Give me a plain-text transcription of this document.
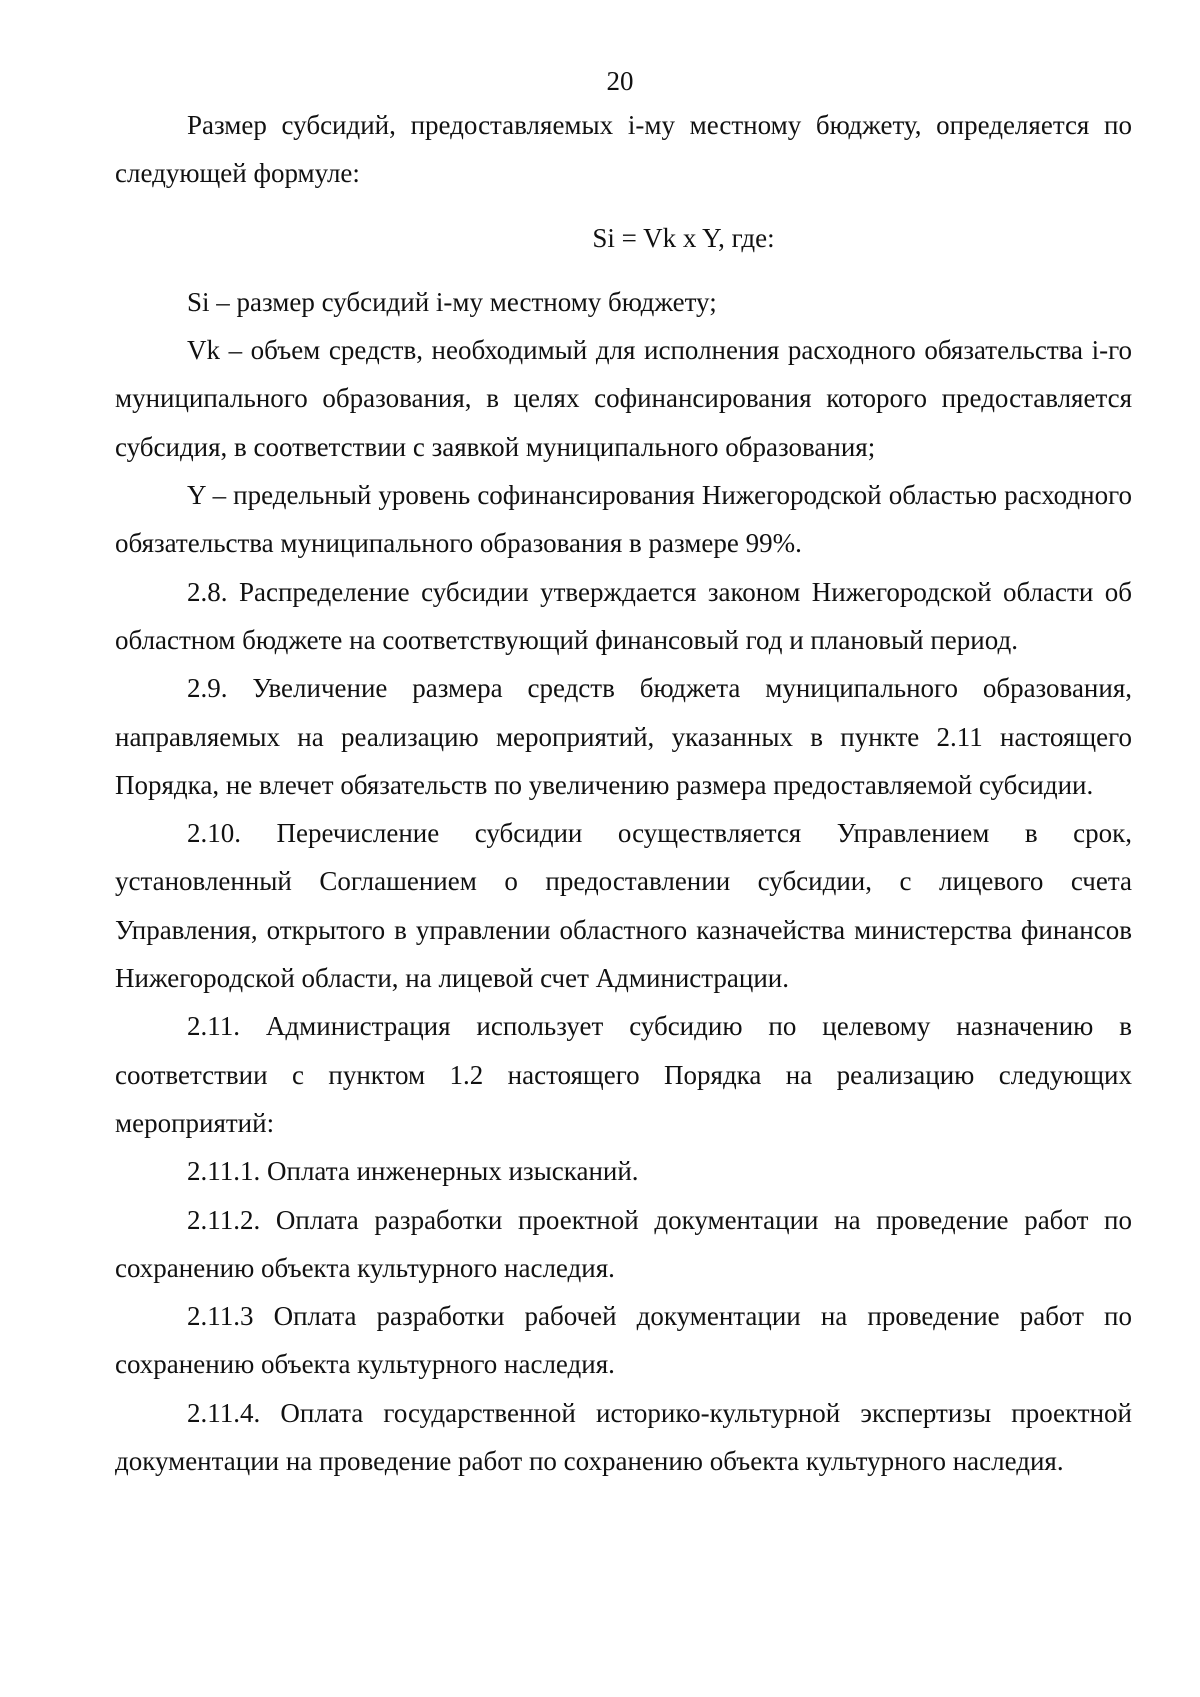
20

Размер субсидий, предоставляемых i-му местному бюджету, определяется по следующей формуле:

Si = Vk x Y, где:

Si – размер субсидий i-му местному бюджету;

Vk – объем средств, необходимый для исполнения расходного обязательства i-го муниципального образования, в целях софинансирования которого предоставляется субсидия, в соответствии с заявкой муниципального образования;

Y – предельный уровень софинансирования Нижегородской областью расходного обязательства муниципального образования в размере 99%.

2.8. Распределение субсидии утверждается законом Нижегородской области об областном бюджете на соответствующий финансовый год и плановый период.

2.9. Увеличение размера средств бюджета муниципального образования, направляемых на реализацию мероприятий, указанных в пункте 2.11 настоящего Порядка, не влечет обязательств по увеличению размера предоставляемой субсидии.

2.10. Перечисление субсидии осуществляется Управлением в срок, установленный Соглашением о предоставлении субсидии, с лицевого счета Управления, открытого в управлении областного казначейства министерства финансов Нижегородской области, на лицевой счет Администрации.

2.11. Администрация использует субсидию по целевому назначению в соответствии с пунктом 1.2 настоящего Порядка на реализацию следующих мероприятий:

2.11.1. Оплата инженерных изысканий.

2.11.2. Оплата разработки проектной документации на проведение работ по сохранению объекта культурного наследия.

2.11.3 Оплата разработки рабочей документации на проведение работ по сохранению объекта культурного наследия.

2.11.4. Оплата государственной историко-культурной экспертизы проектной документации на проведение работ по сохранению объекта культурного наследия.
